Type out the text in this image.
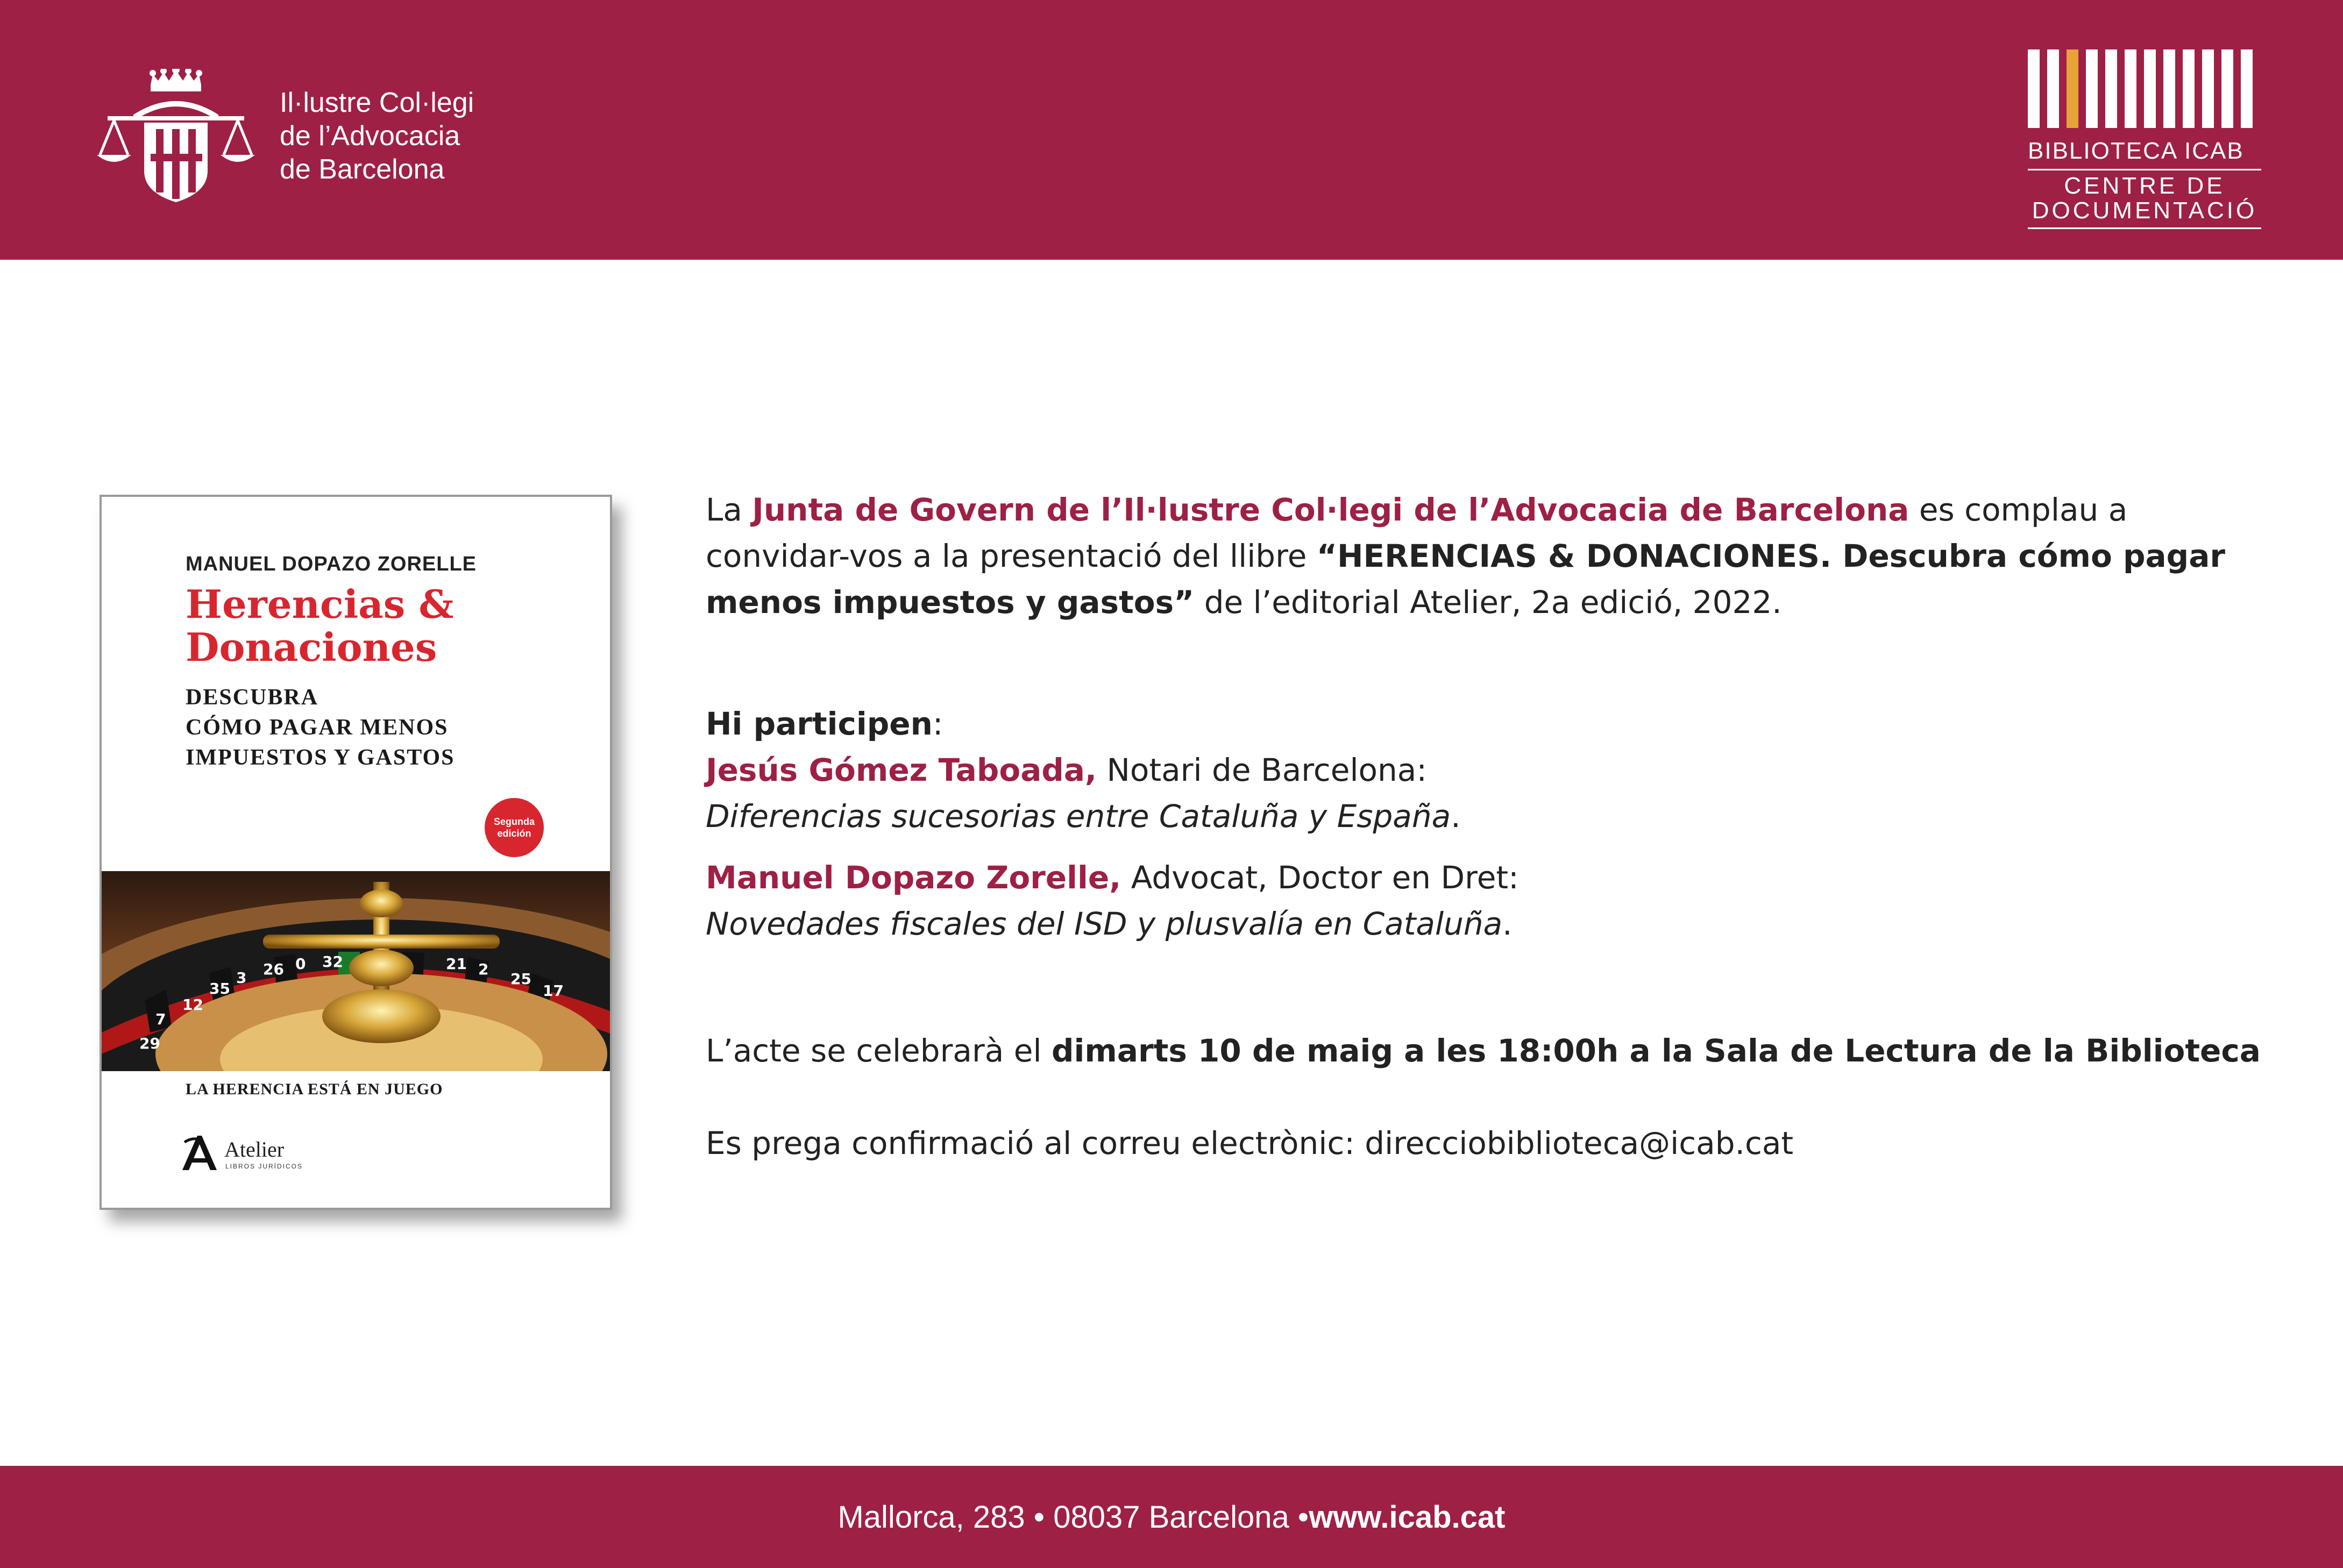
Il·lustre Col·legi
de l’Advocacia
de Barcelona
BIBLIOTECA ICAB
CENTRE DE
DOCUMENTACIÓ
MANUEL DOPAZO ZORELLE
Herencias &
Donaciones
DESCUBRA
CÓMO PAGAR MENOS
IMPUESTOS Y GASTOS
Segunda
edición
29
7
12
35
3 26 0 32	21 2
25
17
LA HERENCIA ESTÁ EN JUEGO
Atelier
LIBROS JURÍDICOS

La Junta de Govern de l’Il·lustre Col·legi de l’Advocacia de Barcelona es complau a convidar-vos a la presentació del llibre “HERENCIAS & DONACIONES. Descubra cómo pagar menos impuestos y gastos” de l’editorial Atelier, 2a edició, 2022.

Hi participen:

Jesús Gómez Taboada, Notari de Barcelona:

Diferencias sucesorias entre Cataluña y España.

Manuel Dopazo Zorelle, Advocat, Doctor en Dret:

Novedades fiscales del ISD y plusvalía en Cataluña.

L’acte se celebrarà el dimarts 10 de maig a les 18:00h a la Sala de Lectura de la Biblioteca

Es prega confirmació al correu electrònic: direcciobiblioteca@icab.cat

Mallorca, 283 • 08037 Barcelona • www.icab.cat
